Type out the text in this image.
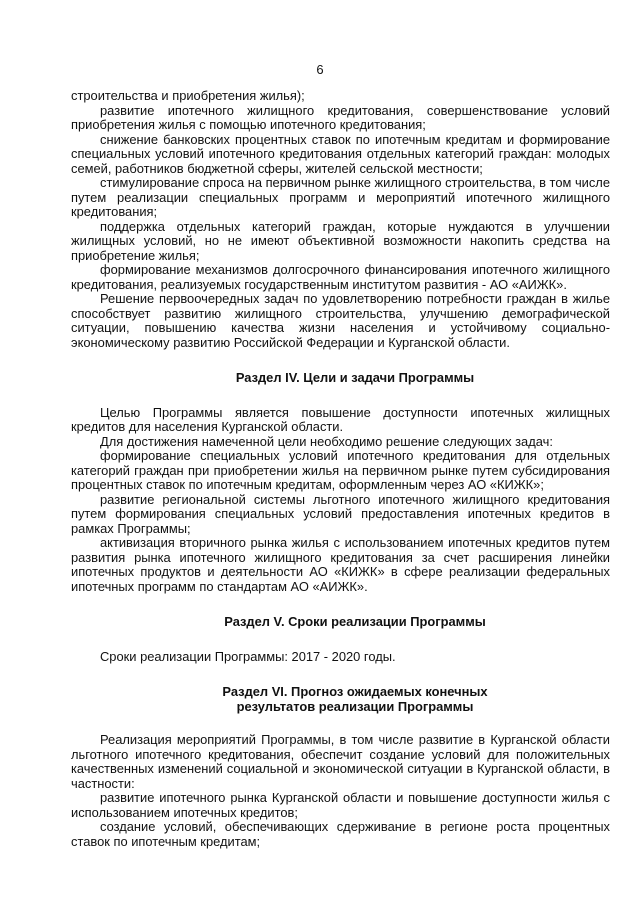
6

строительства и приобретения жилья);

развитие ипотечного жилищного кредитования, совершенствование условий приобретения жилья с помощью ипотечного кредитования;

снижение банковских процентных ставок по ипотечным кредитам и формирование специальных условий ипотечного кредитования отдельных категорий граждан: молодых семей, работников бюджетной сферы, жителей сельской местности;

стимулирование спроса на первичном рынке жилищного строительства, в том числе путем реализации специальных программ и мероприятий ипотечного жилищного кредитования;

поддержка отдельных категорий граждан, которые нуждаются в улучшении жилищных условий, но не имеют объективной возможности накопить средства на приобретение жилья;

формирование механизмов долгосрочного финансирования ипотечного жилищного кредитования, реализуемых государственным институтом развития - АО «АИЖК».

Решение первоочередных задач по удовлетворению потребности граждан в жилье способствует развитию жилищного строительства, улучшению демографической ситуации, повышению качества жизни населения и устойчивому социально-экономическому развитию Российской Федерации и Курганской области.

Раздел IV. Цели и задачи Программы

Целью Программы является повышение доступности ипотечных жилищных кредитов для населения Курганской области.

Для достижения намеченной цели необходимо решение следующих задач:

формирование специальных условий ипотечного кредитования для отдельных категорий граждан при приобретении жилья на первичном рынке путем субсидирования процентных ставок по ипотечным кредитам, оформленным через АО «КИЖК»;

развитие региональной системы льготного ипотечного жилищного кредитования путем формирования специальных условий предоставления ипотечных кредитов в рамках Программы;

активизация вторичного рынка жилья с использованием ипотечных кредитов путем развития рынка ипотечного жилищного кредитования за счет расширения линейки ипотечных продуктов и деятельности АО «КИЖК» в сфере реализации федеральных ипотечных программ по стандартам АО «АИЖК».

Раздел V. Сроки реализации Программы

Сроки реализации Программы: 2017 - 2020 годы.

Раздел VI. Прогноз ожидаемых конечных
результатов реализации Программы

Реализация мероприятий Программы, в том числе развитие в Курганской области льготного ипотечного кредитования, обеспечит создание условий для положительных качественных изменений социальной и экономической ситуации в Курганской области, в частности:

развитие ипотечного рынка Курганской области и повышение доступности жилья с использованием ипотечных кредитов;

создание условий, обеспечивающих сдерживание в регионе роста процентных ставок по ипотечным кредитам;
